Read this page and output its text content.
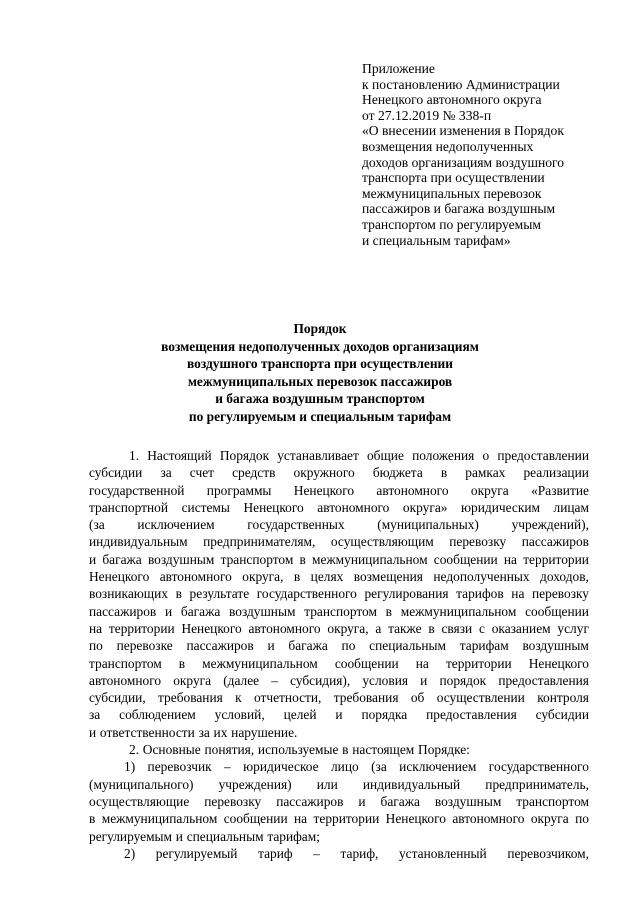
Приложение
к постановлению Администрации
Ненецкого автономного округа
от 27.12.2019 № 338-п
«О внесении изменения в Порядок
возмещения недополученных
доходов организациям воздушного
транспорта при осуществлении
межмуниципальных перевозок
пассажиров и багажа воздушным
транспортом по регулируемым
и специальным тарифам»
Порядок
возмещения недополученных доходов организациям
воздушного транспорта при осуществлении
межмуниципальных перевозок пассажиров
и багажа воздушным транспортом
по регулируемым и специальным тарифам
1. Настоящий Порядок устанавливает общие положения о предоставлении
субсидии за счет средств окружного бюджета в рамках реализации
государственной программы Ненецкого автономного округа «Развитие
транспортной системы Ненецкого автономного округа» юридическим лицам
(за исключением государственных (муниципальных) учреждений),
индивидуальным предпринимателям, осуществляющим перевозку пассажиров
и багажа воздушным транспортом в межмуниципальном сообщении на территории
Ненецкого автономного округа, в целях возмещения недополученных доходов,
возникающих в результате государственного регулирования тарифов на перевозку
пассажиров и багажа воздушным транспортом в межмуниципальном сообщении
на территории Ненецкого автономного округа, а также в связи с оказанием услуг
по перевозке пассажиров и багажа по специальным тарифам воздушным
транспортом в межмуниципальном сообщении на территории Ненецкого
автономного округа (далее – субсидия), условия и порядок предоставления
субсидии, требования к отчетности, требования об осуществлении контроля
за соблюдением условий, целей и порядка предоставления субсидии
и ответственности за их нарушение.
2. Основные понятия, используемые в настоящем Порядке:
1) перевозчик – юридическое лицо (за исключением государственного
(муниципального) учреждения) или индивидуальный предприниматель,
осуществляющие перевозку пассажиров и багажа воздушным транспортом
в межмуниципальном сообщении на территории Ненецкого автономного округа по
регулируемым и специальным тарифам;
2) регулируемый тариф – тариф, установленный перевозчиком,
